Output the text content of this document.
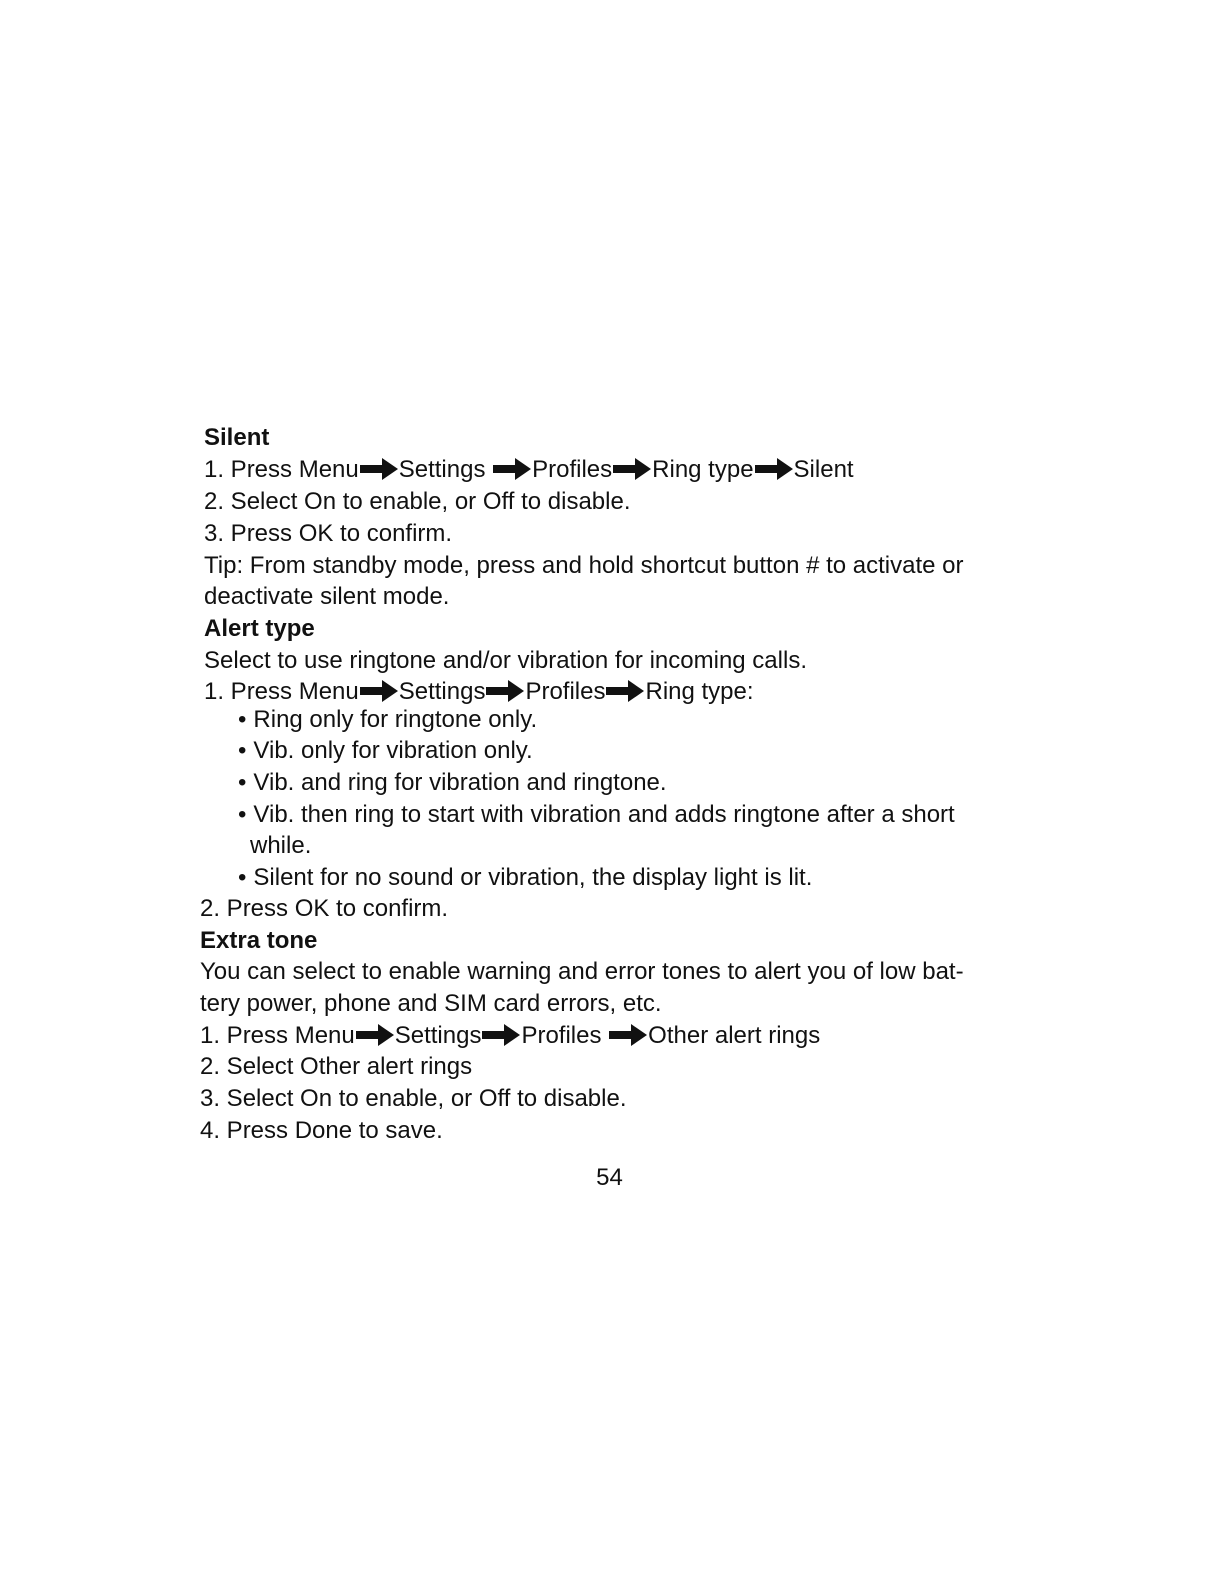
Silent
1. Press Menu Settings Profiles Ring type Silent
2. Select On to enable, or Off to disable.
3. Press OK to confirm.
Tip: From standby mode, press and hold shortcut button # to activate or
deactivate silent mode.
Alert type
Select to use ringtone and/or vibration for incoming calls.
1. Press Menu Settings Profiles Ring type:
• Ring only for ringtone only.
• Vib. only for vibration only.
• Vib. and ring for vibration and ringtone.
• Vib. then ring to start with vibration and adds ringtone after a short
while.
• Silent for no sound or vibration, the display light is lit.
2. Press OK to confirm.
Extra tone
You can select to enable warning and error tones to alert you of low bat-
tery power, phone and SIM card errors, etc.
1. Press Menu Settings Profiles Other alert rings
2. Select Other alert rings
3. Select On to enable, or Off to disable.
4. Press Done to save.
54
